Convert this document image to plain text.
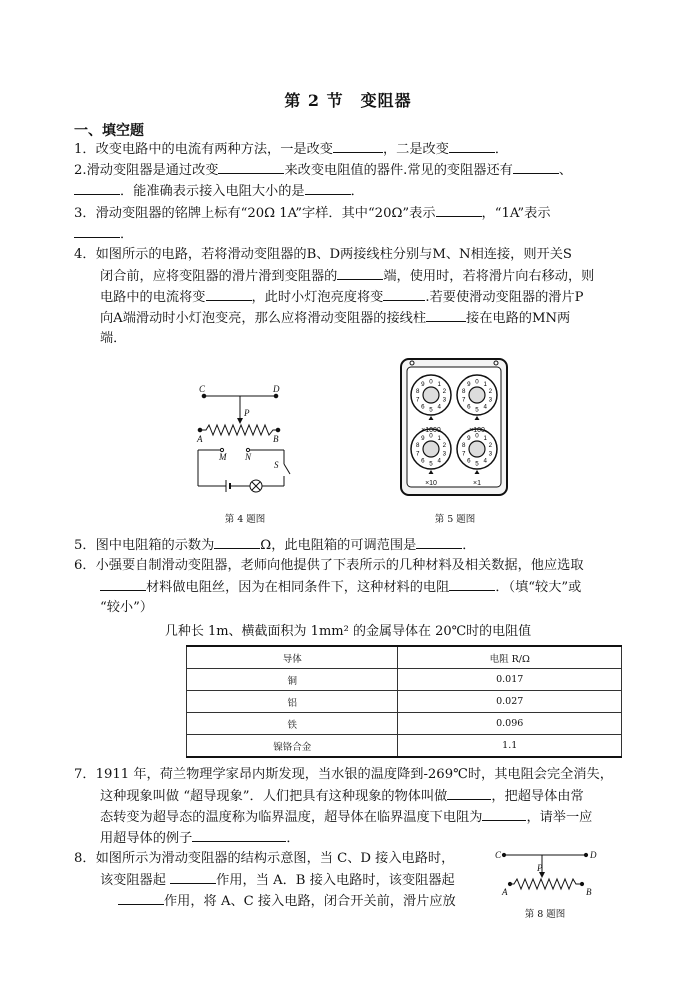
第 2 节　变阻器
一、填空题
1．改变电路中的电流有两种方法，一是改变	，二是改变	．
2.滑动变阻器是通过改变	来改变电阻值的器件.常见的变阻器还有	、
．能准确表示接入电阻大小的是	．
3．滑动变阻器的铭牌上标有“20Ω 1A”字样．其中“20Ω”表示	，“1A”表示
．
4．如图所示的电路，若将滑动变阻器的B、D两接线柱分别与M、N相连接，则开关S
闭合前，应将变阻器的滑片滑到变阻器的	端，使用时，若将滑片向右移动，则
电路中的电流将变	，此时小灯泡亮度将变	.若要使滑动变阻器的滑片P
向A端滑动时小灯泡变亮，那么应将滑动变阻器的接线柱	接在电路的MN两
端．
C	D
P
A	B
M N
S
第 4 题图
0 1
2
3
4
5
6
7
8
9	0 1
2
3
4
5
6
7
8
9
0 1
2
3
4
5
6
7
8
9	0 1
2
3
4
5
6
7
8
9
×1000	×100
×10	×1
第 5 题图
5．图中电阻箱的示数为	Ω，此电阻箱的可调范围是	．
6．小强要自制滑动变阻器，老师向他提供了下表所示的几种材料及相关数据，他应选取
材料做电阻丝，因为在相同条件下，这种材料的电阻	．（填“较大”或
“较小”）
几种长 1m、横截面积为 1mm² 的金属导体在 20℃时的电阻值
导体	电阻 R/Ω
铜	0.017
铝	0.027
铁	0.096
镍铬合金	1.1
7．1911 年，荷兰物理学家昂内斯发现，当水银的温度降到-269℃时，其电阻会完全消失，
这种现象叫做 “超导现象”．人们把具有这种现象的物体叫做	，把超导体由常
态转变为超导态的温度称为临界温度，超导体在临界温度下电阻为	，请举一应
用超导体的例子	．
8．如图所示为滑动变阻器的结构示意图，当 C、D 接入电路时，
该变阻器起	作用，当 A．B 接入电路时，该变阻器起
作用，将 A、C 接入电路，闭合开关前，滑片应放
C	D
P
A	B
第 8 题图
